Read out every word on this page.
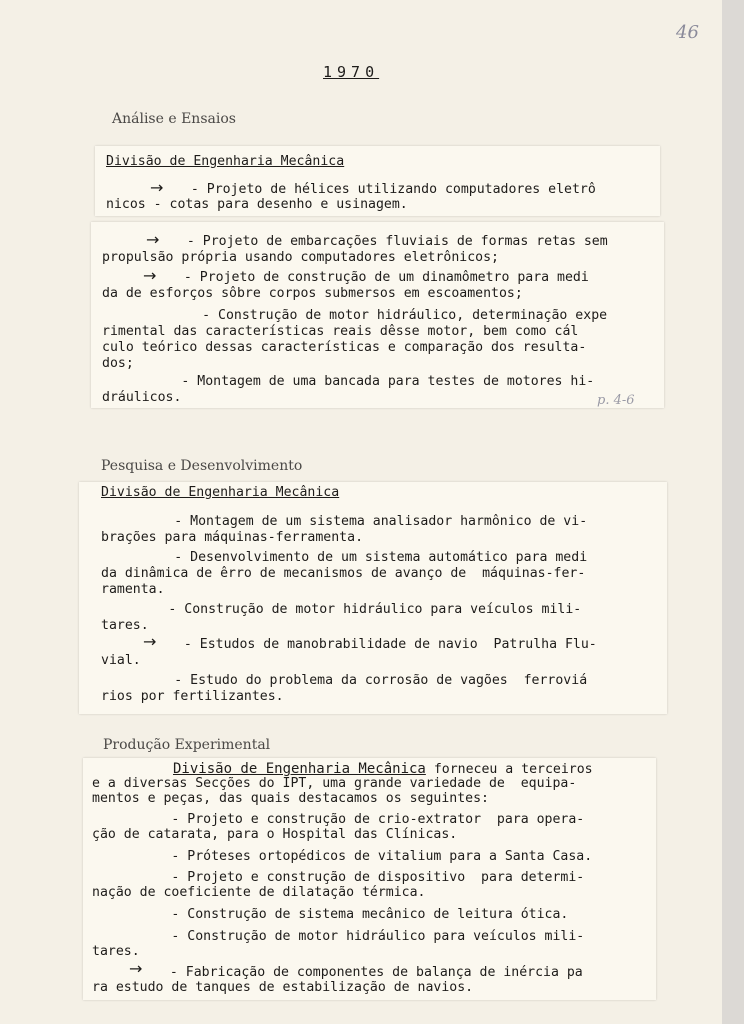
46
1970
Análise e Ensaios
Divisão de Engenharia Mecânica
→ - Projeto de hélices utilizando computadores eletrô
nicos - cotas para desenho e usinagem.
→ - Projeto de embarcações fluviais de formas retas sem
propulsão própria usando computadores eletrônicos;
→ - Projeto de construção de um dinamômetro para medi
da de esforços sôbre corpos submersos em escoamentos;
- Construção de motor hidráulico, determinação expe
rimental das características reais dêsse motor, bem como cál
culo teórico dessas características e comparação dos resulta-
dos;
- Montagem de uma bancada para testes de motores hi-
dráulicos.	p. 4-6
Pesquisa e Desenvolvimento
Divisão de Engenharia Mecânica
- Montagem de um sistema analisador harmônico de vi-
brações para máquinas-ferramenta.
- Desenvolvimento de um sistema automático para medi
da dinâmica de êrro de mecanismos de avanço de  máquinas-fer-
ramenta.
- Construção de motor hidráulico para veículos mili-
tares.
→ - Estudos de manobrabilidade de navio  Patrulha Flu-
vial.
- Estudo do problema da corrosão de vagões  ferroviá
rios por fertilizantes.
Produção Experimental
Divisão de Engenharia Mecânica forneceu a terceiros
e a diversas Secções do IPT, uma grande variedade de  equipa-
mentos e peças, das quais destacamos os seguintes:
- Projeto e construção de crio-extrator  para opera-
ção de catarata, para o Hospital das Clínicas.
- Próteses ortopédicos de vitalium para a Santa Casa.
- Projeto e construção de dispositivo  para determi-
nação de coeficiente de dilatação térmica.
- Construção de sistema mecânico de leitura ótica.
- Construção de motor hidráulico para veículos mili-
tares.
→ - Fabricação de componentes de balança de inércia pa
ra estudo de tanques de estabilização de navios.
